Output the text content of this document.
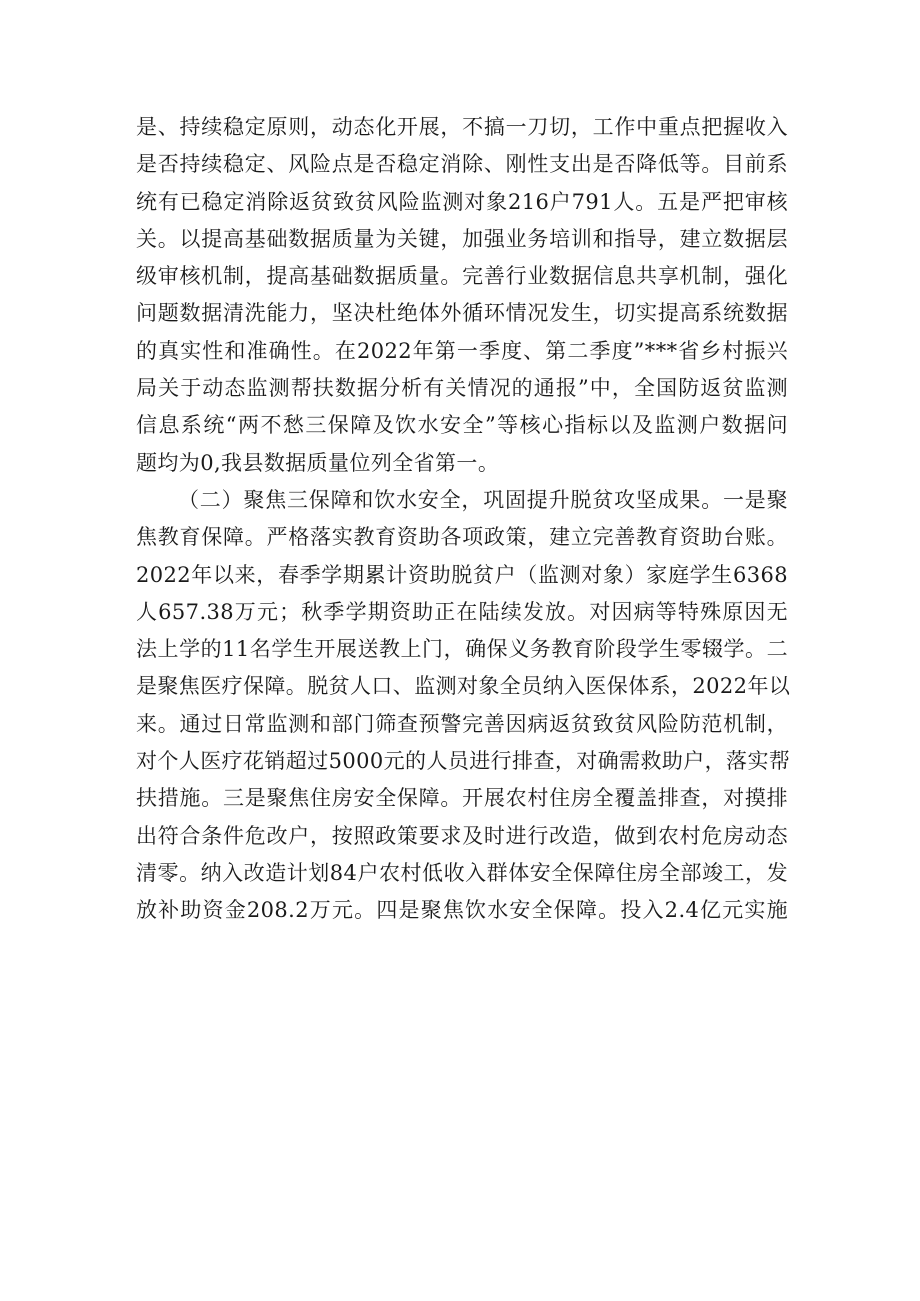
是、持续稳定原则，动态化开展，不搞一刀切，工作中重点把握收入
是否持续稳定、风险点是否稳定消除、刚性支出是否降低等。目前系
统有已稳定消除返贫致贫风险监测对象216户791人。五是严把审核
关。以提高基础数据质量为关键，加强业务培训和指导，建立数据层
级审核机制，提高基础数据质量。完善行业数据信息共享机制，强化
问题数据清洗能力，坚决杜绝体外循环情况发生，切实提高系统数据
的真实性和准确性。在2022年第一季度、第二季度”***省乡村振兴
局关于动态监测帮扶数据分析有关情况的通报”中，全国防返贫监测
信息系统“两不愁三保障及饮水安全”等核心指标以及监测户数据问
题均为0,我县数据质量位列全省第一。
（二）聚焦三保障和饮水安全，巩固提升脱贫攻坚成果。一是聚
焦教育保障。严格落实教育资助各项政策，建立完善教育资助台账。
2022年以来，春季学期累计资助脱贫户（监测对象）家庭学生6368
人657.38万元；秋季学期资助正在陆续发放。对因病等特殊原因无
法上学的11名学生开展送教上门，确保义务教育阶段学生零辍学。二
是聚焦医疗保障。脱贫人口、监测对象全员纳入医保体系，2022年以
来。通过日常监测和部门筛查预警完善因病返贫致贫风险防范机制，
对个人医疗花销超过5000元的人员进行排查，对确需救助户，落实帮
扶措施。三是聚焦住房安全保障。开展农村住房全覆盖排查，对摸排
出符合条件危改户，按照政策要求及时进行改造，做到农村危房动态
清零。纳入改造计划84户农村低收入群体安全保障住房全部竣工，发
放补助资金208.2万元。四是聚焦饮水安全保障。投入2.4亿元实施
